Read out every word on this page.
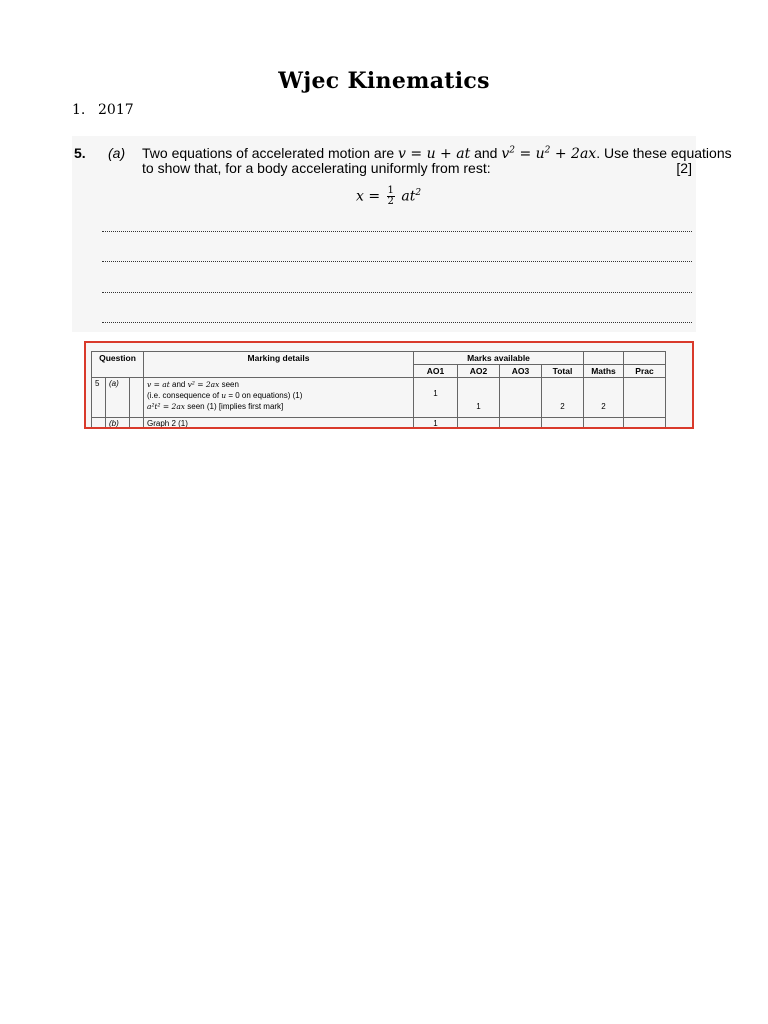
Wjec Kinematics
1. 2017
5. (a) Two equations of accelerated motion are v = u + at and $v^2 = u^2 + 2ax$. Use these equations
to show that, for a body accelerating uniformly from rest:	[2]
$x = \frac{1}{2} at^2$
Question			Marking details	Marks available					
				AO1	AO2	AO3	Total	Maths	Prac
5	(a)		v = at and v² = 2ax seen
(i.e. consequence of u = 0 on equations) (1)
a²t² = 2ax seen (1) [implies first mark]	1	1		2	2	

	(b)		Graph 2 (1)	1					
